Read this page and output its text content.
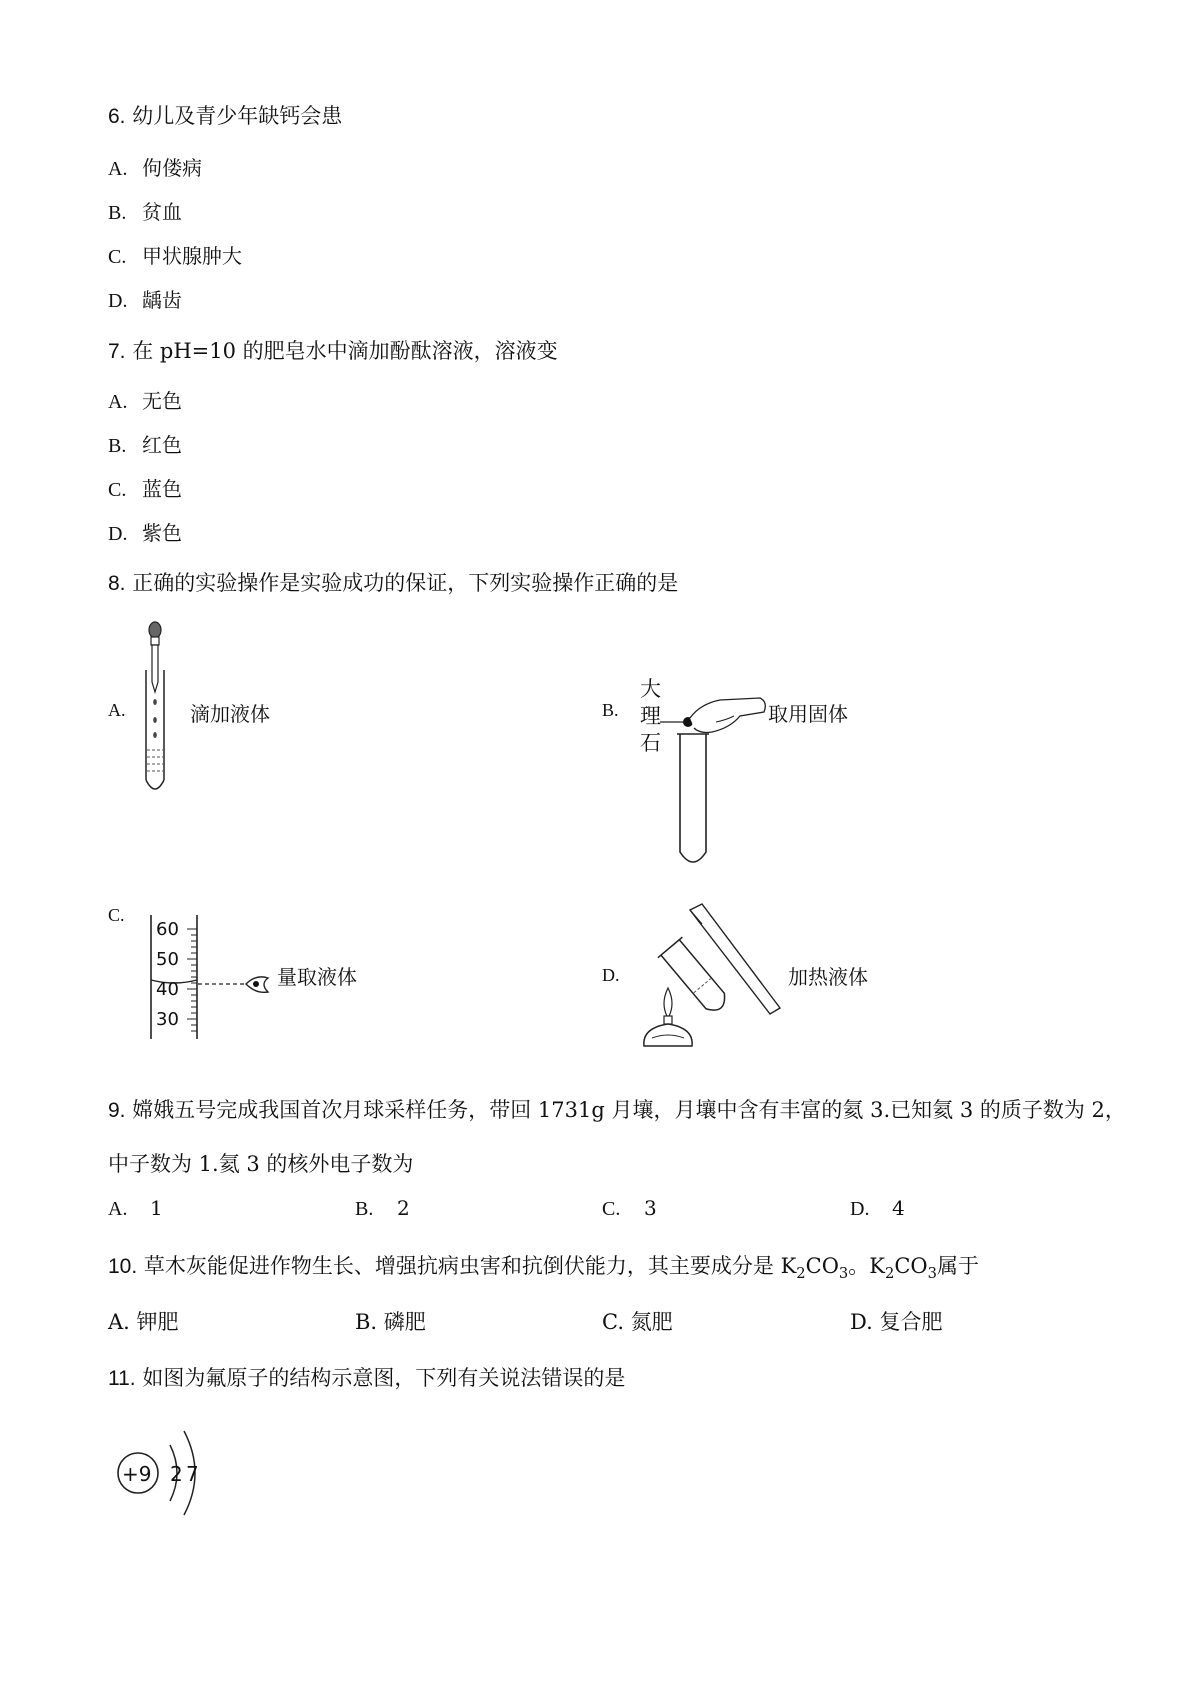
6. 幼儿及青少年缺钙会患
A. 佝偻病
B. 贫血
C. 甲状腺肿大
D. 龋齿
7. 在 pH=10 的肥皂水中滴加酚酞溶液，溶液变
A. 无色
B. 红色
C. 蓝色
D. 紫色
8. 正确的实验操作是实验成功的保证，下列实验操作正确的是
A.	滴加液体	B.
大
理
石
取用固体
C.
60
50
40
30
量取液体	D.	加热液体
9. 嫦娥五号完成我国首次月球采样任务，带回 1731g 月壤，月壤中含有丰富的氦 3.已知氦 3 的质子数为 2，
中子数为 1.氦 3 的核外电子数为
A. 1	B. 2	C. 3	D. 4
10. 草木灰能促进作物生长、增强抗病虫害和抗倒伏能力，其主要成分是 $K_2CO_3$。$K_2CO_3$属于
A. 钾肥	B. 磷肥	C. 氮肥	D. 复合肥
11. 如图为氟原子的结构示意图，下列有关说法错误的是
+9 2 7
